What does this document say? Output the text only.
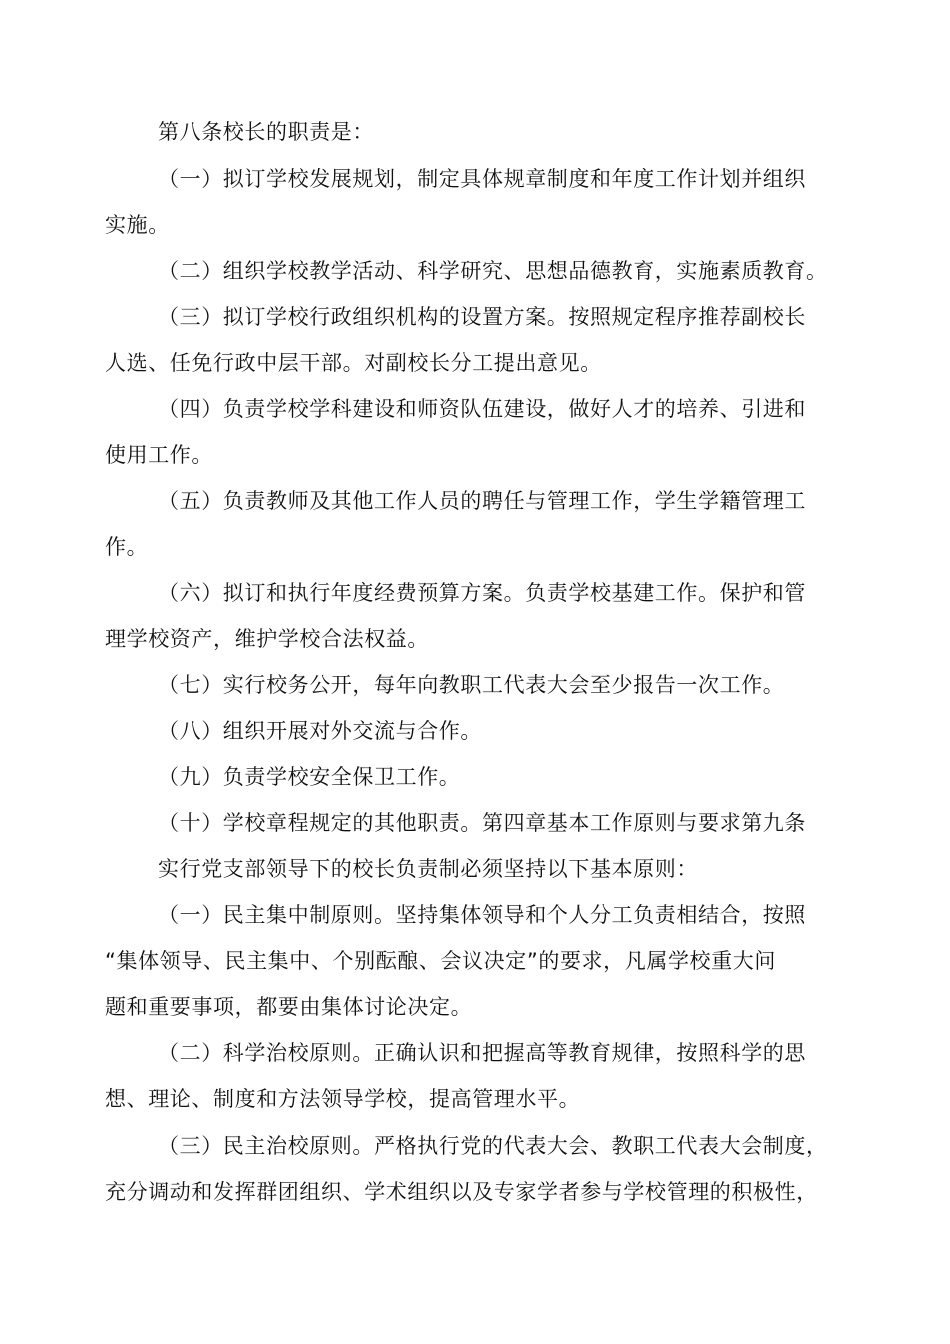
第八条校长的职责是：

（一）拟订学校发展规划，制定具体规章制度和年度工作计划并组织

实施。

（二）组织学校教学活动、科学研究、思想品德教育，实施素质教育。

（三）拟订学校行政组织机构的设置方案。按照规定程序推荐副校长

人选、任免行政中层干部。对副校长分工提出意见。

（四）负责学校学科建设和师资队伍建设，做好人才的培养、引进和

使用工作。

（五）负责教师及其他工作人员的聘任与管理工作，学生学籍管理工

作。

（六）拟订和执行年度经费预算方案。负责学校基建工作。保护和管

理学校资产，维护学校合法权益。

（七）实行校务公开，每年向教职工代表大会至少报告一次工作。

（八）组织开展对外交流与合作。

（九）负责学校安全保卫工作。

（十）学校章程规定的其他职责。第四章基本工作原则与要求第九条

实行党支部领导下的校长负责制必须坚持以下基本原则：

（一）民主集中制原则。坚持集体领导和个人分工负责相结合，按照

“集体领导、民主集中、个别酝酿、会议决定”的要求，凡属学校重大问

题和重要事项，都要由集体讨论决定。

（二）科学治校原则。正确认识和把握高等教育规律，按照科学的思

想、理论、制度和方法领导学校，提高管理水平。

（三）民主治校原则。严格执行党的代表大会、教职工代表大会制度，

充分调动和发挥群团组织、学术组织以及专家学者参与学校管理的积极性，
